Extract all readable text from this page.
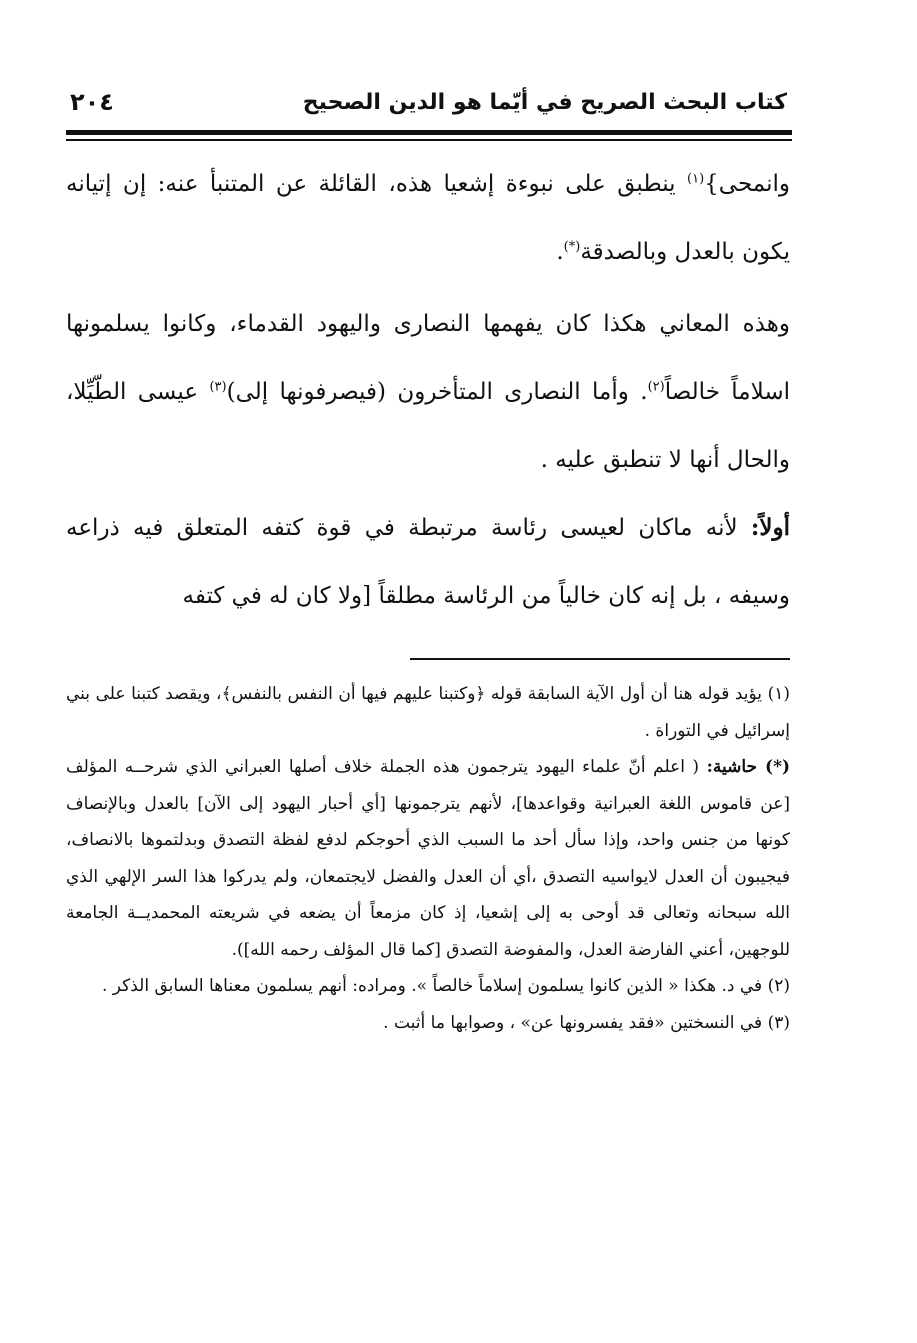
كتاب البحث الصريح في أيّما هو الدين الصحيح
٢٠٤

وانمحى}$^{(١)}$ ينطبق على نبوءة إشعيا هذه، القائلة عن المتنبأ عنه: إن إتيانه يكون بالعدل وبالصدقة(*).

وهذه المعاني هكذا كان يفهمها النصارى واليهود القدماء، وكانوا يسلمونها اسلاماً خالصاً$^{(٢)}$. وأما النصارى المتأخرون (فيصرفونها إلى)$^{(٣)}$ عيسى الطّيِّلا، والحال أنها لا تنطبق عليه .

أولاً: لأنه ماكان لعيسى رئاسة مرتبطة في قوة كتفه المتعلق فيه ذراعه وسيفه ، بل إنه كان خالياً من الرئاسة مطلقاً [ولا كان له في كتفه

(١) يؤيد قوله هنا أن أول الآية السابقة قوله ﴿وكتبنا عليهم فيها أن النفس بالنفس﴾، ويقصد كتبنا على بني إسرائيل في التوراة .

(*) حاشية: ( اعلم أنّ علماء اليهود يترجمون هذه الجملة خلاف أصلها العبراني الذي شرحــه المؤلف [عن قاموس اللغة العبرانية وقواعدها]، لأنهم يترجمونها [أي أحبار اليهود إلى الآن] بالعدل وبالإنصاف كونها من جنس واحد، وإذا سأل أحد ما السبب الذي أحوجكم لدفع لفظة التصدق وبدلتموها بالانصاف، فيجيبون أن العدل لايواسيه التصدق ،أي أن العدل والفضل لايجتمعان، ولم يدركوا هذا السر الإلهي الذي الله سبحانه وتعالى قد أوحى به إلى إشعيا، إذ كان مزمعاً أن يضعه في شريعته المحمديــة الجامعة للوجهين، أعني الفارضة العدل، والمفوضة التصدق [كما قال المؤلف رحمه الله]).

(٢) في د. هكذا « الذين كانوا يسلمون إسلاماً خالصاً ». ومراده: أنهم يسلمون معناها السابق الذكر .

(٣) في النسختين «فقد يفسرونها عن» ، وصوابها ما أثبت .
